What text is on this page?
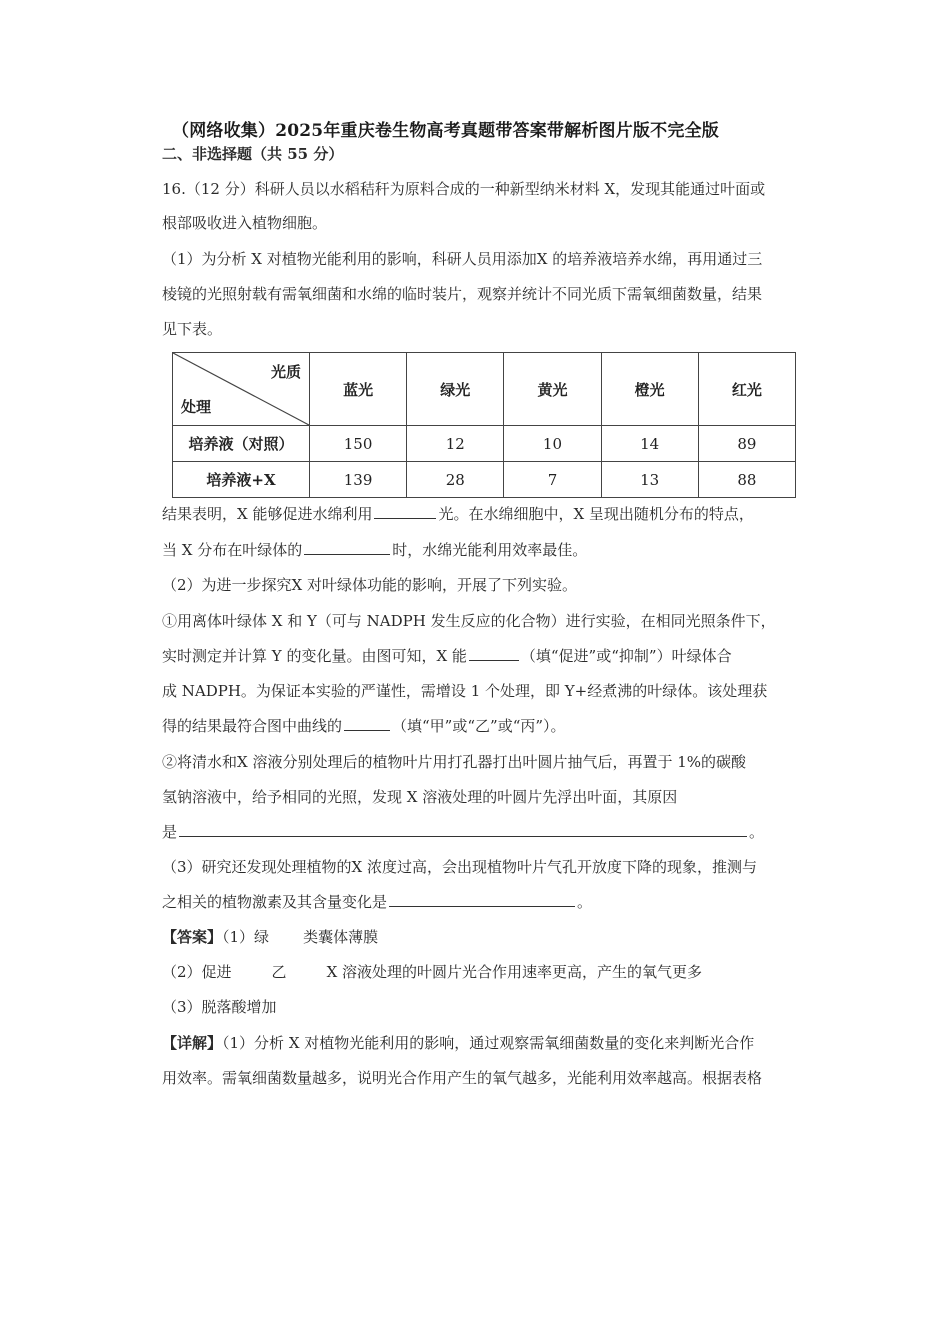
（网络收集）2025年重庆卷生物高考真题带答案带解析图片版不完全版
二、非选择题（共 55 分）
16.（12 分）科研人员以水稻秸秆为原料合成的一种新型纳米材料 X，发现其能通过叶面或
根部吸收进入植物细胞。
（1）为分析 X 对植物光能利用的影响，科研人员用添加X 的培养液培养水绵，再用通过三
棱镜的光照射载有需氧细菌和水绵的临时装片，观察并统计不同光质下需氧细菌数量，结果
见下表。
光质
处理	蓝光	绿光	黄光	橙光	红光
培养液（对照）	150	12	10	14	89
培养液+X	139	28	7	13	88
结果表明，X 能够促进水绵利用	光。在水绵细胞中，X 呈现出随机分布的特点，
当 X 分布在叶绿体的	时，水绵光能利用效率最佳。
（2）为进一步探究X 对叶绿体功能的影响，开展了下列实验。
①用离体叶绿体 X 和 Y（可与 NADPH 发生反应的化合物）进行实验，在相同光照条件下，
实时测定并计算 Y 的变化量。由图可知，X 能	（填“促进”或“抑制”）叶绿体合
成 NADPH。为保证本实验的严谨性，需增设 1 个处理，即 Y+经煮沸的叶绿体。该处理获
得的结果最符合图中曲线的	（填“甲”或“乙”或“丙”）。
②将清水和X 溶液分别处理后的植物叶片用打孔器打出叶圆片抽气后，再置于 1%的碳酸
氢钠溶液中，给予相同的光照，发现 X 溶液处理的叶圆片先浮出叶面，其原因
是	。
（3）研究还发现处理植物的X 浓度过高，会出现植物叶片气孔开放度下降的现象，推测与
之相关的植物激素及其含量变化是	。
【答案】（1）绿 类囊体薄膜
（2）促进	乙	X 溶液处理的叶圆片光合作用速率更高，产生的氧气更多
（3）脱落酸增加
【详解】（1）分析 X 对植物光能利用的影响，通过观察需氧细菌数量的变化来判断光合作
用效率。需氧细菌数量越多，说明光合作用产生的氧气越多，光能利用效率越高。根据表格
